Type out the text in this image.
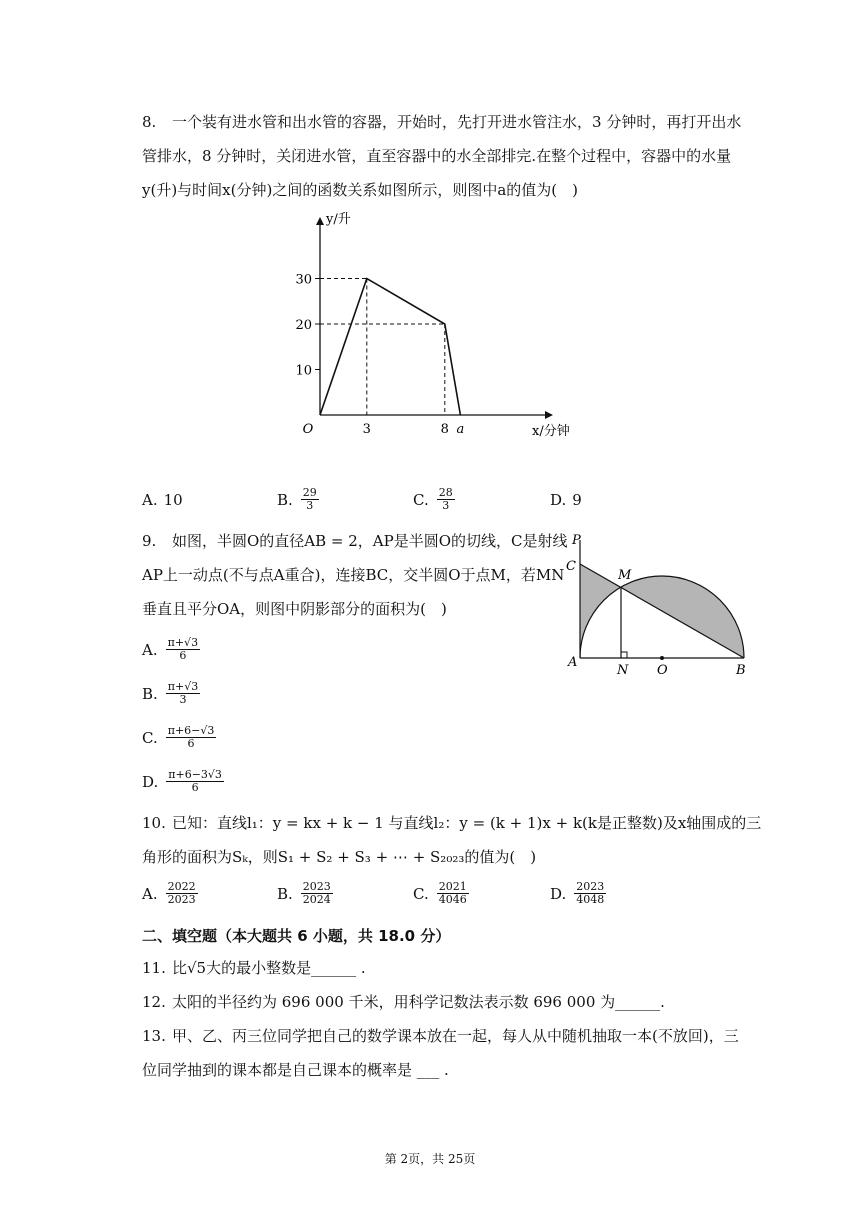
8. 一个装有进水管和出水管的容器，开始时，先打开进水管注水，3 分钟时，再打开出水
管排水，8 分钟时，关闭进水管，直至容器中的水全部排完.在整个过程中，容器中的水量
y(升)与时间x(分钟)之间的函数关系如图所示，则图中a的值为( )
10
20
30
O	3	8 a	x/分钟
y/升
A. 10	B. $\frac{29}{3}$	C. $\frac{28}{3}$	D. 9
9. 如图，半圆O的直径AB = 2，AP是半圆O的切线，C是射线
AP上一动点(不与点A重合)，连接BC，交半圆O于点M，若MN
垂直且平分OA，则图中阴影部分的面积为( )
P
C
M
A
N O	B
A. $\frac{\pi+√3}{6}$
B. $\frac{\pi+√3}{3}$
C. $\frac{\pi+6-√3}{6}$
D. $\frac{\pi+6-3√3}{6}$
10. 已知：直线l₁：y = kx + k − 1 与直线l₂：y = (k + 1)x + k(k是正整数)及x轴围成的三
角形的面积为Sₖ，则S₁ + S₂ + S₃ + ⋯ + S₂₀₂₃的值为( )
A. $\frac{2022}{2023}$	B. $\frac{2023}{2024}$	C. $\frac{2021}{4046}$	D. $\frac{2023}{4048}$
二、填空题（本大题共 6 小题，共 18.0 分）
11. 比√5大的最小整数是______ .
12. 太阳的半径约为 696 000 千米，用科学记数法表示数 696 000 为______.
13. 甲、乙、丙三位同学把自己的数学课本放在一起，每人从中随机抽取一本(不放回)，三
位同学抽到的课本都是自己课本的概率是 ___ .
第 2页，共 25页
